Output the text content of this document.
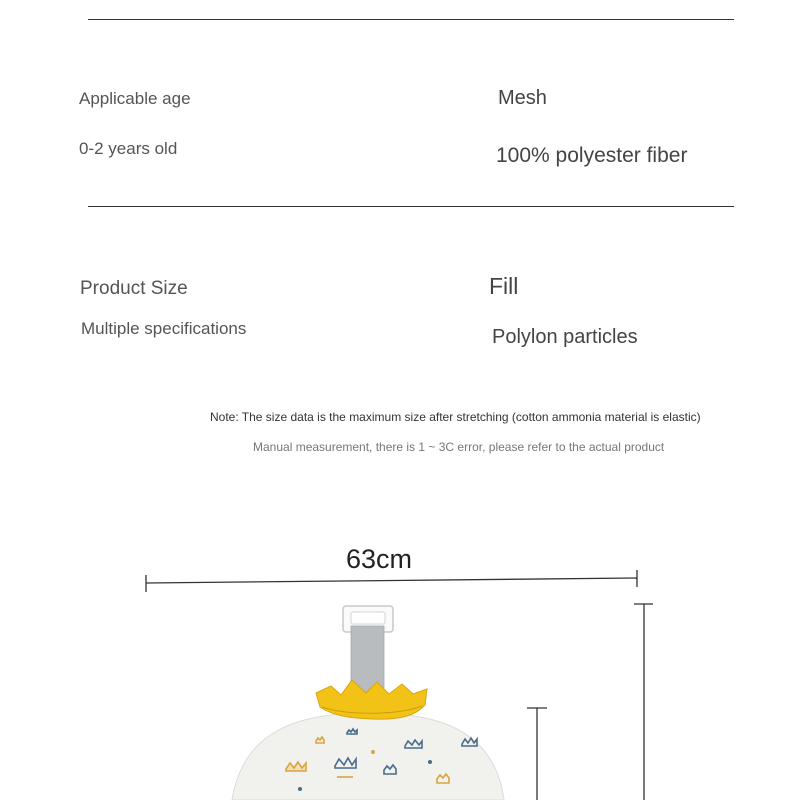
Applicable age
0-2 years old
Mesh
100% polyester fiber
Product Size
Multiple specifications
Fill
Polylon particles
Note: The size data is the maximum size after stretching (cotton ammonia material is elastic)
Manual measurement, there is 1 ~ 3C error, please refer to the actual product
63cm
